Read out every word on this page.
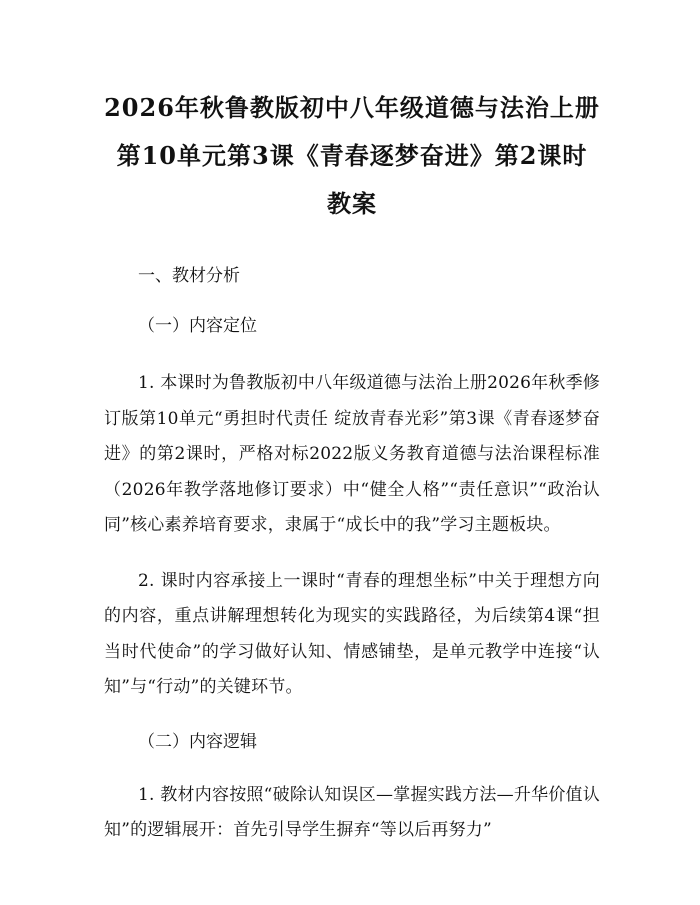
2026年秋鲁教版初中八年级道德与法治上册
第10单元第3课《青春逐梦奋进》第2课时
教案

一、教材分析

（一）内容定位

1. 本课时为鲁教版初中八年级道德与法治上册2026年秋季修订版第10单元“勇担时代责任 绽放青春光彩”第3课《青春逐梦奋进》的第2课时，严格对标2022版义务教育道德与法治课程标准（2026年教学落地修订要求）中“健全人格”“责任意识”“政治认同”核心素养培育要求，隶属于“成长中的我”学习主题板块。

2. 课时内容承接上一课时“青春的理想坐标”中关于理想方向的内容，重点讲解理想转化为现实的实践路径，为后续第4课“担当时代使命”的学习做好认知、情感铺垫，是单元教学中连接“认知”与“行动”的关键环节。

（二）内容逻辑

1. 教材内容按照“破除认知误区—掌握实践方法—升华价值认知”的逻辑展开：首先引导学生摒弃“等以后再努力”
